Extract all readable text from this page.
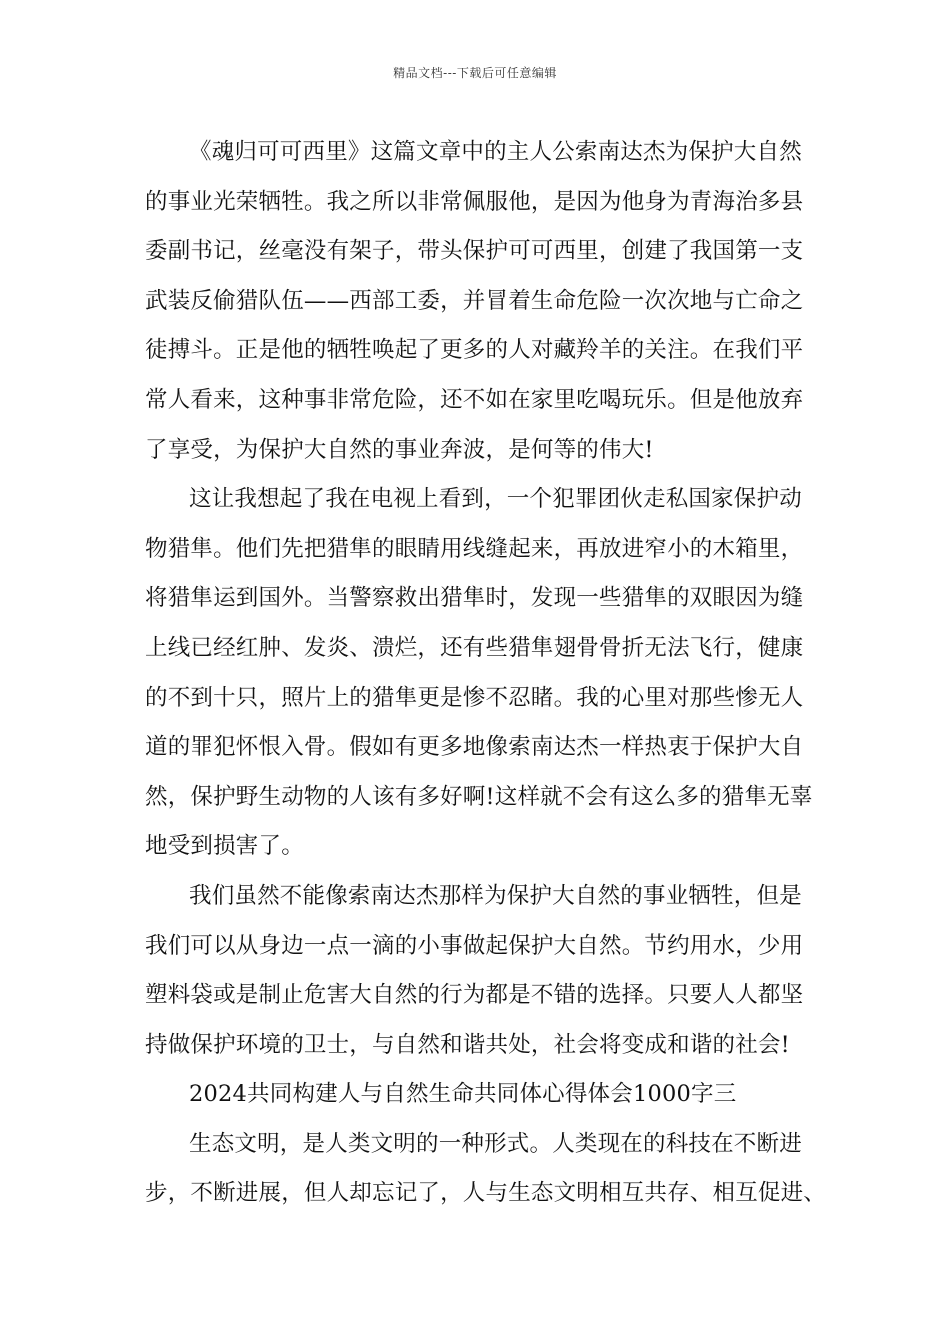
精品文档---下载后可任意编辑
《魂归可可西里》这篇文章中的主人公索南达杰为保护大自然
的事业光荣牺牲。我之所以非常佩服他，是因为他身为青海治多县
委副书记，丝毫没有架子，带头保护可可西里，创建了我国第一支
武装反偷猎队伍——西部工委，并冒着生命危险一次次地与亡命之
徒搏斗。正是他的牺牲唤起了更多的人对藏羚羊的关注。在我们平
常人看来，这种事非常危险，还不如在家里吃喝玩乐。但是他放弃
了享受，为保护大自然的事业奔波，是何等的伟大!
这让我想起了我在电视上看到，一个犯罪团伙走私国家保护动
物猎隼。他们先把猎隼的眼睛用线缝起来，再放进窄小的木箱里，
将猎隼运到国外。当警察救出猎隼时，发现一些猎隼的双眼因为缝
上线已经红肿、发炎、溃烂，还有些猎隼翅骨骨折无法飞行，健康
的不到十只，照片上的猎隼更是惨不忍睹。我的心里对那些惨无人
道的罪犯怀恨入骨。假如有更多地像索南达杰一样热衷于保护大自
然，保护野生动物的人该有多好啊!这样就不会有这么多的猎隼无辜
地受到损害了。
我们虽然不能像索南达杰那样为保护大自然的事业牺牲，但是
我们可以从身边一点一滴的小事做起保护大自然。节约用水，少用
塑料袋或是制止危害大自然的行为都是不错的选择。只要人人都坚
持做保护环境的卫士，与自然和谐共处，社会将变成和谐的社会!
2024共同构建人与自然生命共同体心得体会1000字三
生态文明，是人类文明的一种形式。人类现在的科技在不断进
步，不断进展，但人却忘记了，人与生态文明相互共存、相互促进、
